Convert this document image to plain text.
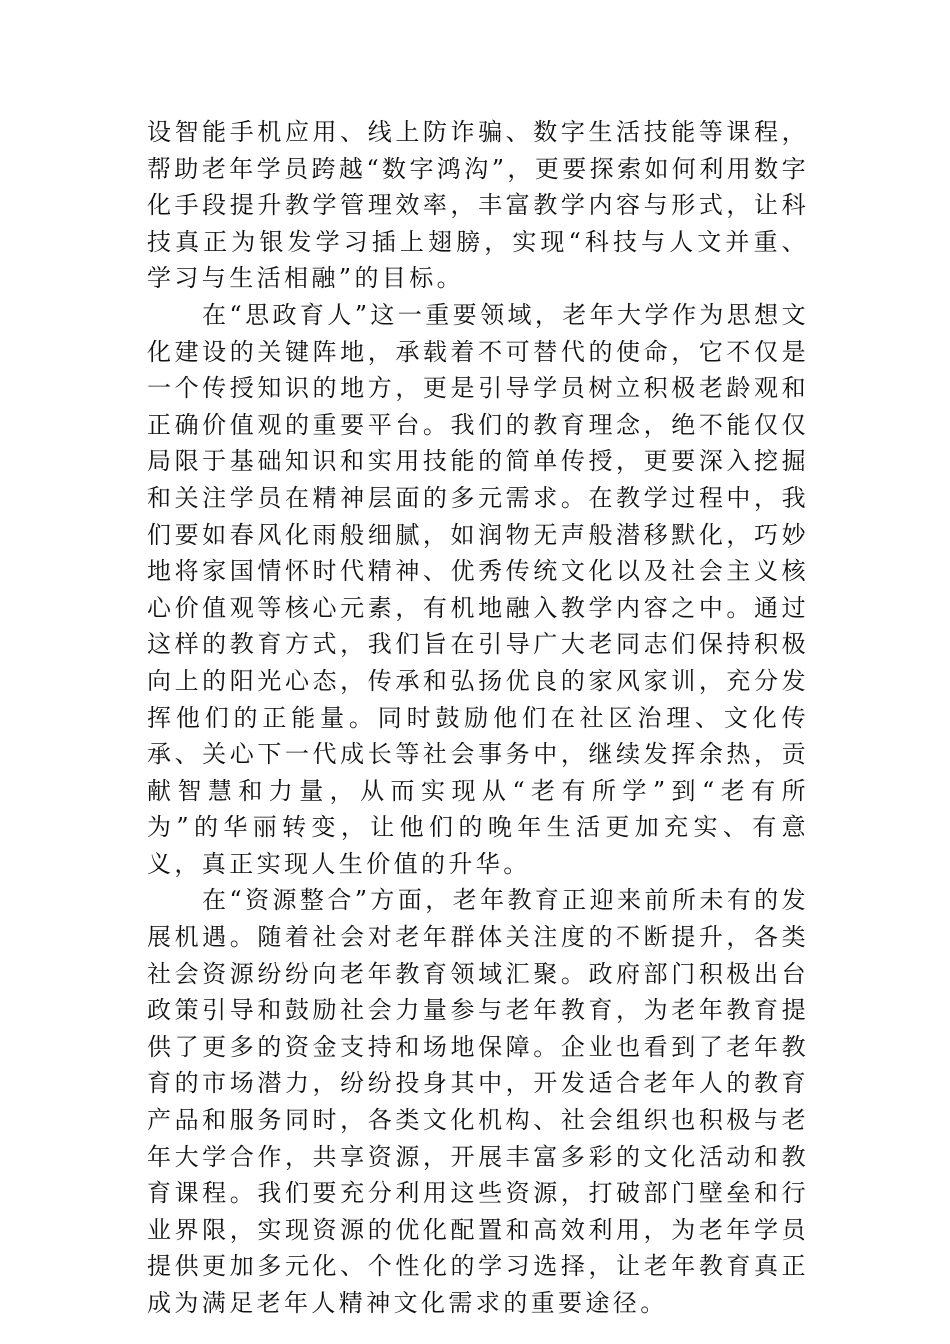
设智能手机应用、线上防诈骗、数字生活技能等课程，帮助老年学员跨越“数字鸿沟”，更要探索如何利用数字化手段提升教学管理效率，丰富教学内容与形式，让科技真正为银发学习插上翅膀，实现“科技与人文并重、学习与生活相融”的目标。

在“思政育人”这一重要领域，老年大学作为思想文化建设的关键阵地，承载着不可替代的使命，它不仅是一个传授知识的地方，更是引导学员树立积极老龄观和正确价值观的重要平台。我们的教育理念，绝不能仅仅局限于基础知识和实用技能的简单传授，更要深入挖掘和关注学员在精神层面的多元需求。在教学过程中，我们要如春风化雨般细腻，如润物无声般潜移默化，巧妙地将家国情怀时代精神、优秀传统文化以及社会主义核心价值观等核心元素，有机地融入教学内容之中。通过这样的教育方式，我们旨在引导广大老同志们保持积极向上的阳光心态，传承和弘扬优良的家风家训，充分发挥他们的正能量。同时鼓励他们在社区治理、文化传承、关心下一代成长等社会事务中，继续发挥余热，贡献智慧和力量，从而实现从“老有所学”到“老有所为”的华丽转变，让他们的晚年生活更加充实、有意义，真正实现人生价值的升华。

在“资源整合”方面，老年教育正迎来前所未有的发展机遇。随着社会对老年群体关注度的不断提升，各类社会资源纷纷向老年教育领域汇聚。政府部门积极出台政策引导和鼓励社会力量参与老年教育，为老年教育提供了更多的资金支持和场地保障。企业也看到了老年教育的市场潜力，纷纷投身其中，开发适合老年人的教育产品和服务同时，各类文化机构、社会组织也积极与老年大学合作，共享资源，开展丰富多彩的文化活动和教育课程。我们要充分利用这些资源，打破部门壁垒和行业界限，实现资源的优化配置和高效利用，为老年学员提供更加多元化、个性化的学习选择，让老年教育真正成为满足老年人精神文化需求的重要途径。
